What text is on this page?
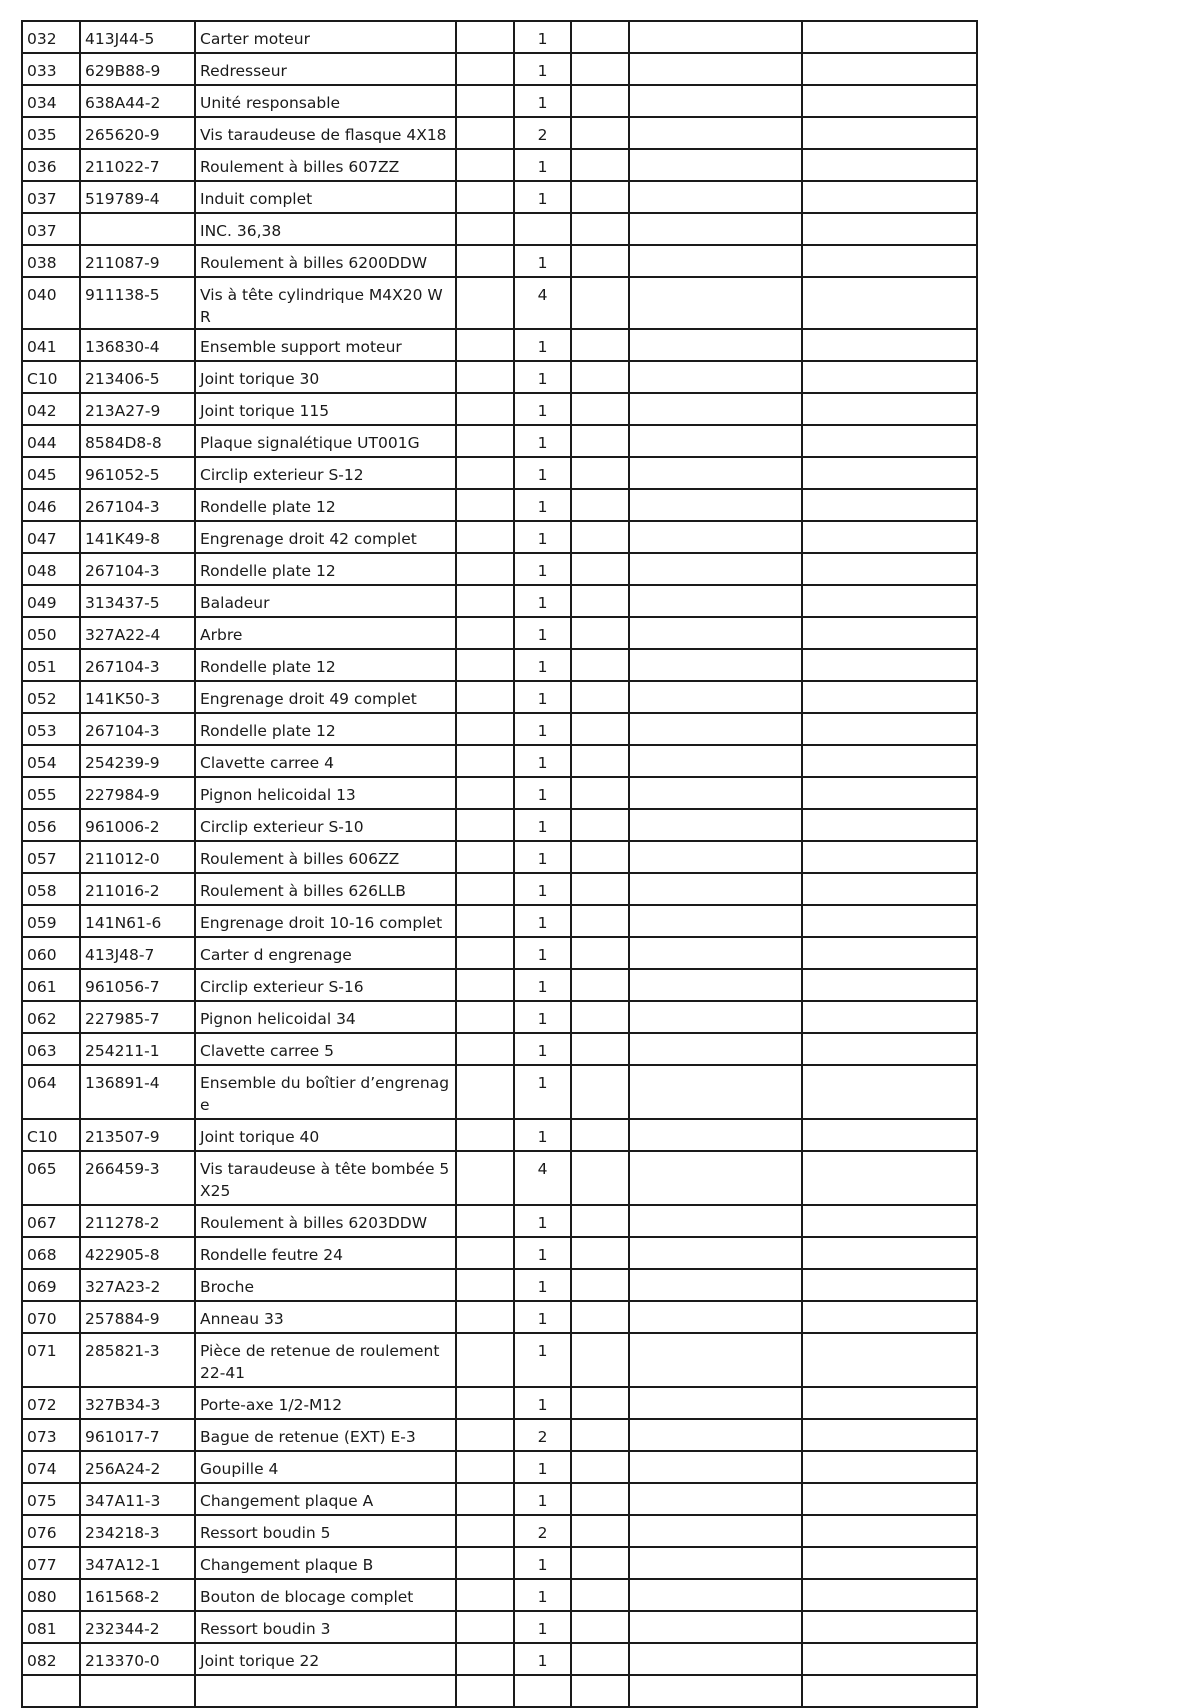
032	413J44-5	Carter moteur		1			
033	629B88-9	Redresseur		1			
034	638A44-2	Unité responsable		1			
035	265620-9	Vis taraudeuse de flasque 4X18		2			
036	211022-7	Roulement à billes 607ZZ		1			
037	519789-4	Induit complet		1			
037		INC. 36,38					
038	211087-9	Roulement à billes 6200DDW		1			
040	911138-5	Vis à tête cylindrique M4X20 WR		4			
041	136830-4	Ensemble support moteur		1			
C10	213406-5	Joint torique 30		1			
042	213A27-9	Joint torique 115		1			
044	8584D8-8	Plaque signalétique UT001G		1			
045	961052-5	Circlip exterieur S-12		1			
046	267104-3	Rondelle plate 12		1			
047	141K49-8	Engrenage droit 42 complet		1			
048	267104-3	Rondelle plate 12		1			
049	313437-5	Baladeur		1			
050	327A22-4	Arbre		1			
051	267104-3	Rondelle plate 12		1			
052	141K50-3	Engrenage droit 49 complet		1			
053	267104-3	Rondelle plate 12		1			
054	254239-9	Clavette carree 4		1			
055	227984-9	Pignon helicoidal 13		1			
056	961006-2	Circlip exterieur S-10		1			
057	211012-0	Roulement à billes 606ZZ		1			
058	211016-2	Roulement à billes 626LLB		1			
059	141N61-6	Engrenage droit 10-16 complet		1			
060	413J48-7	Carter d engrenage		1			
061	961056-7	Circlip exterieur S-16		1			
062	227985-7	Pignon helicoidal 34		1			
063	254211-1	Clavette carree 5		1			
064	136891-4	Ensemble du boîtier d’engrenage		1			
C10	213507-9	Joint torique 40		1			
065	266459-3	Vis taraudeuse à tête bombée 5X25		4			
067	211278-2	Roulement à billes 6203DDW		1			
068	422905-8	Rondelle feutre 24		1			
069	327A23-2	Broche		1			
070	257884-9	Anneau 33		1			
071	285821-3	Pièce de retenue de roulement 22-41		1			
072	327B34-3	Porte-axe 1/2-M12		1			
073	961017-7	Bague de retenue (EXT) E-3		2			
074	256A24-2	Goupille 4		1			
075	347A11-3	Changement plaque A		1			
076	234218-3	Ressort boudin 5		2			
077	347A12-1	Changement plaque B		1			
080	161568-2	Bouton de blocage complet		1			
081	232344-2	Ressort boudin 3		1			
082	213370-0	Joint torique 22		1			
